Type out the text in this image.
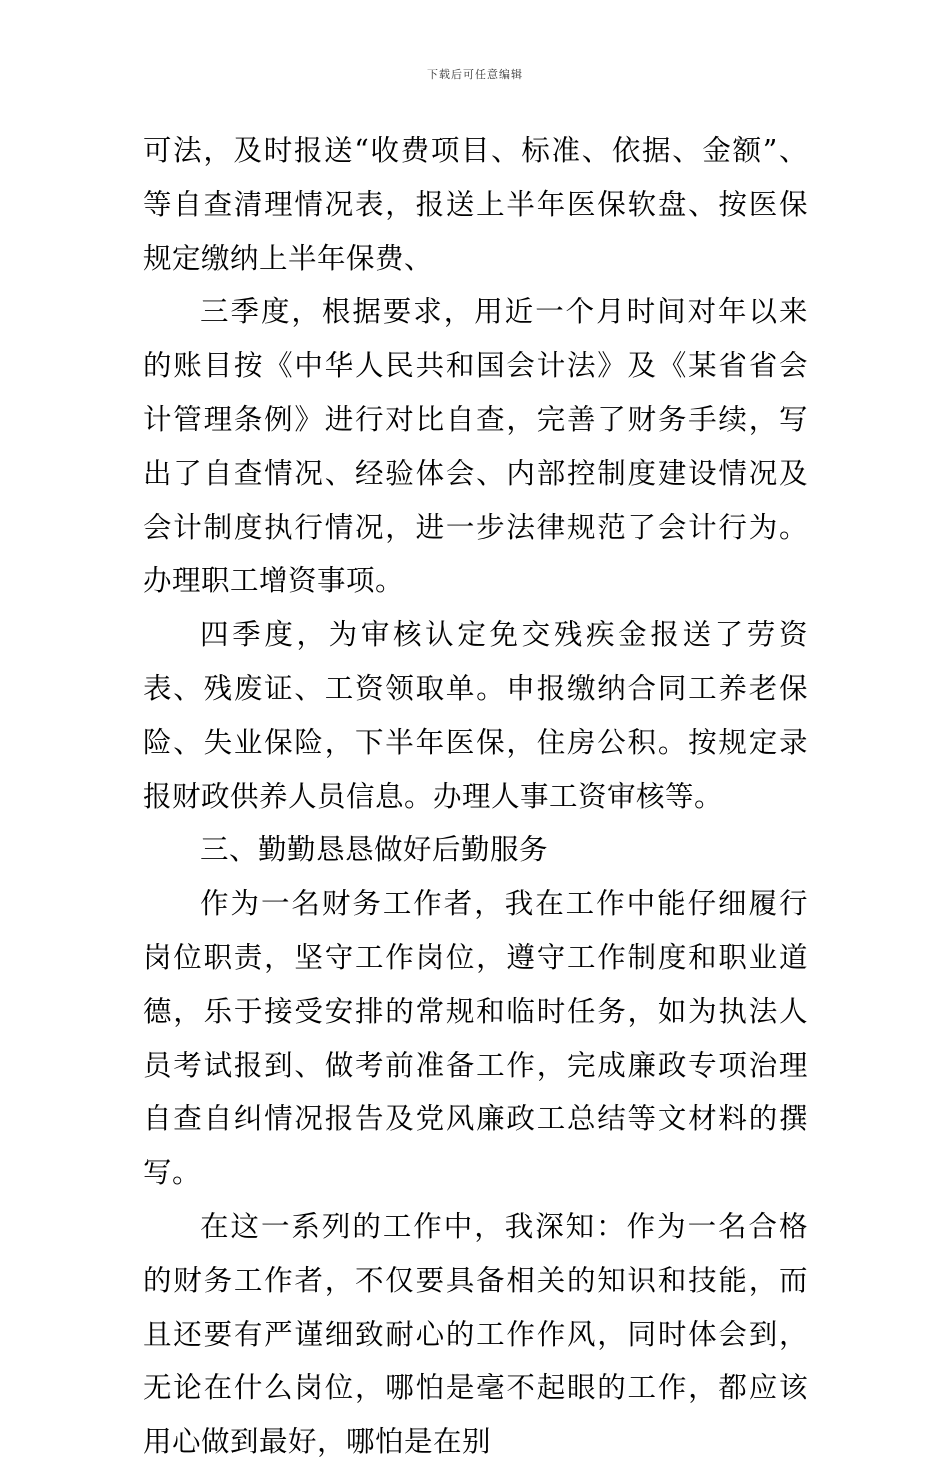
下载后可任意编辑

可法，及时报送“收费项目、标准、依据、金额”、等自查清理情况表，报送上半年医保软盘、按医保规定缴纳上半年保费、

三季度，根据要求，用近一个月时间对年以来的账目按《中华人民共和国会计法》及《某省省会计管理条例》进行对比自查，完善了财务手续，写出了自查情况、经验体会、内部控制度建设情况及会计制度执行情况，进一步法律规范了会计行为。办理职工增资事项。

四季度，为审核认定免交残疾金报送了劳资表、残废证、工资领取单。申报缴纳合同工养老保险、失业保险，下半年医保，住房公积。按规定录报财政供养人员信息。办理人事工资审核等。

三、勤勤恳恳做好后勤服务

作为一名财务工作者，我在工作中能仔细履行岗位职责，坚守工作岗位，遵守工作制度和职业道德，乐于接受安排的常规和临时任务，如为执法人员考试报到、做考前准备工作，完成廉政专项治理自查自纠情况报告及党风廉政工总结等文材料的撰写。

在这一系列的工作中，我深知：作为一名合格的财务工作者，不仅要具备相关的知识和技能，而且还要有严谨细致耐心的工作作风，同时体会到，无论在什么岗位，哪怕是毫不起眼的工作，都应该用心做到最好，哪怕是在别
